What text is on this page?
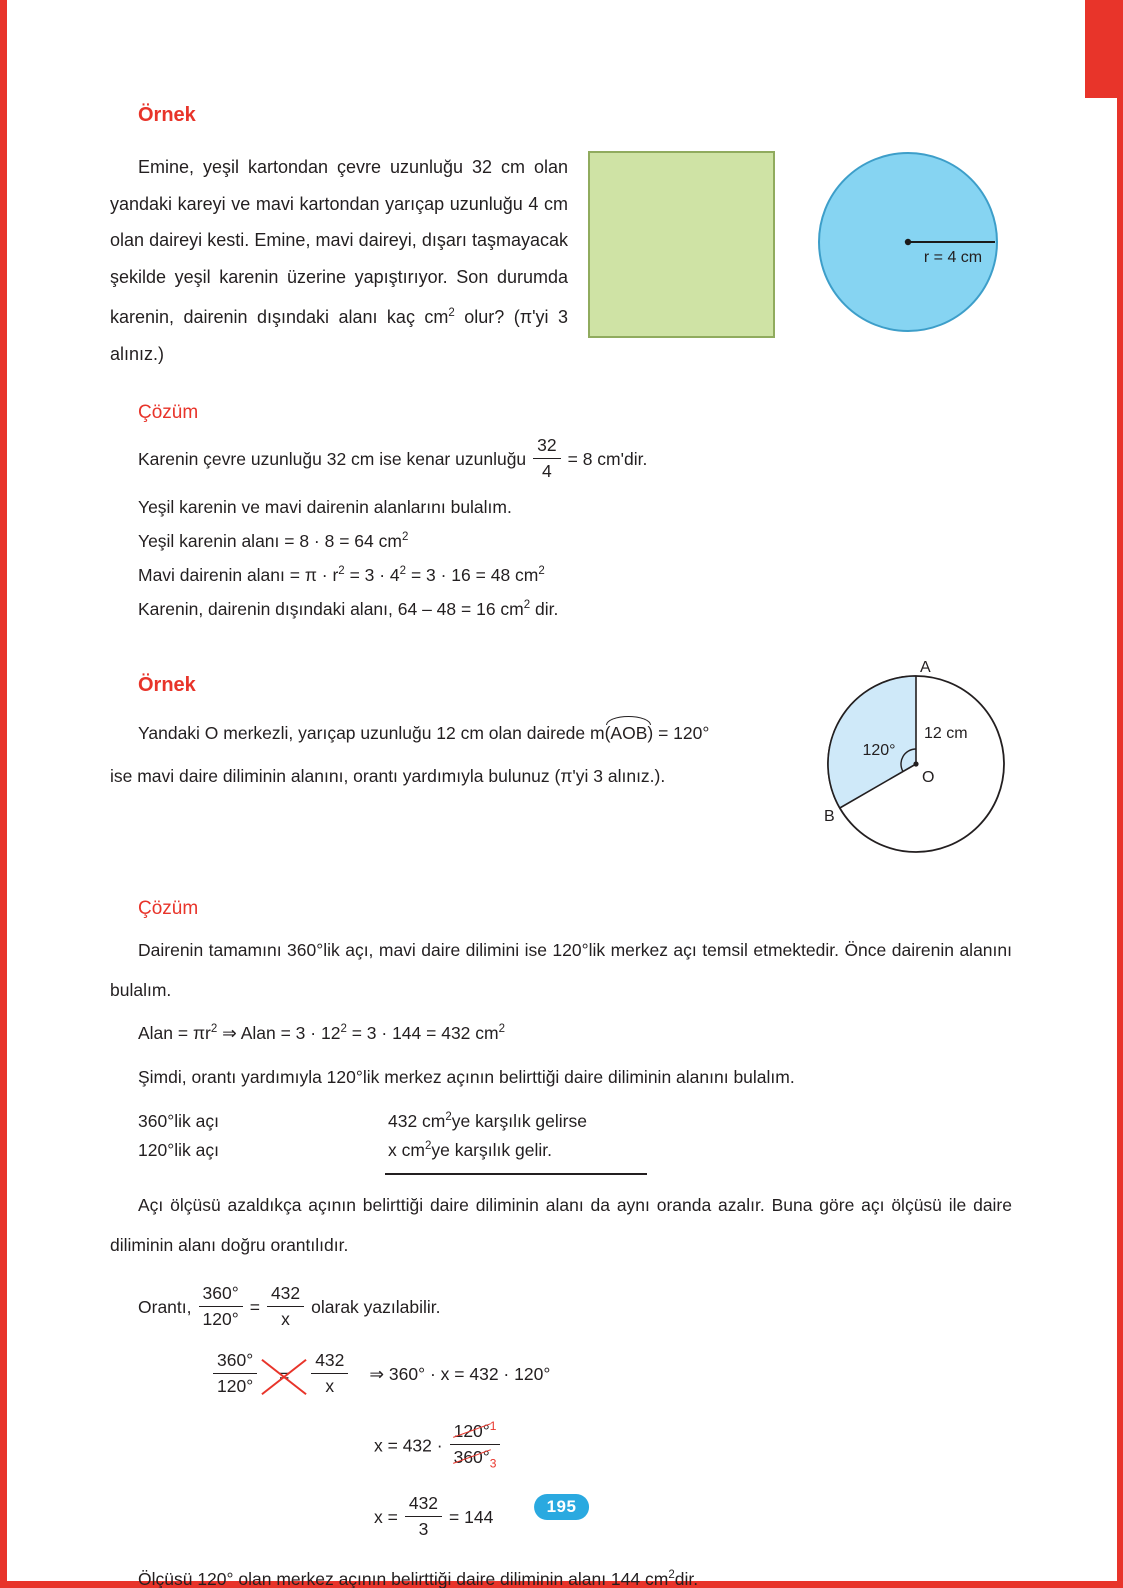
Örnek

Emine, yeşil kartondan çevre uzunluğu 32 cm olan yandaki kareyi ve mavi kartondan yarıçap uzunluğu 4 cm olan daireyi kesti. Emine, mavi daireyi, dışarı taşmayacak şekilde yeşil karenin üzerine yapıştırıyor. Son durumda karenin, dairenin dışındaki alanı kaç $cm^2$ olur? (π'yi 3 alınız.)

r = 4 cm
Çözüm
Karenin çevre uzunluğu 32 cm ise kenar uzunluğu $\frac{32}{4} = 8$ cm'dir.
Yeşil karenin ve mavi dairenin alanlarını bulalım.
Yeşil karenin alanı = 8 · 8 = 64 $cm^2$
Mavi dairenin alanı = $\pi \cdot r^2 = 3 \cdot 4^2 = 3 \cdot 16 = 48$ $cm^2$
Karenin, dairenin dışındaki alanı, 64 – 48 = 16 $cm^2$ dir.
Örnek
A
B
O
120°
12 cm
Yandaki O merkezli, yarıçap uzunluğu 12 cm olan dairede m(AOB) = 120°
ise mavi daire diliminin alanını, orantı yardımıyla bulunuz (π'yi 3 alınız.).
Çözüm

Dairenin tamamını 360°lik açı, mavi daire dilimini ise 120°lik merkez açı temsil etmektedir. Önce dairenin alanını bulalım.

Alan = $\pi r^2$ ⇒ Alan = $3 \cdot 12^2 = 3 \cdot 144 = 432$ $cm^2$

Şimdi, orantı yardımıyla 120°lik merkez açının belirttiği daire diliminin alanını bulalım.

360°lik açı	432 $cm^2ye$ karşılık gelirse
120°lik açı	x $cm^2ye$ karşılık gelir.

Açı ölçüsü azaldıkça açının belirttiği daire diliminin alanı da aynı oranda azalır. Buna göre açı ölçüsü ile daire diliminin alanı doğru orantılıdır.

Orantı, $\frac{360^\circ}{120^\circ} = \frac{432}{x}$ olarak yazılabilir.
$\frac{360^\circ}{120^\circ} = \frac{432}{x}$ ⇒ 360° · x = 432 · 120°
$x = 432 \cdot \frac{120^\circ^1}{360^\circ_3}$
$x = \frac{432}{3} = 144$

Ölçüsü 120° olan merkez açının belirttiği daire diliminin alanı 144 $cm^2dir$.

195
